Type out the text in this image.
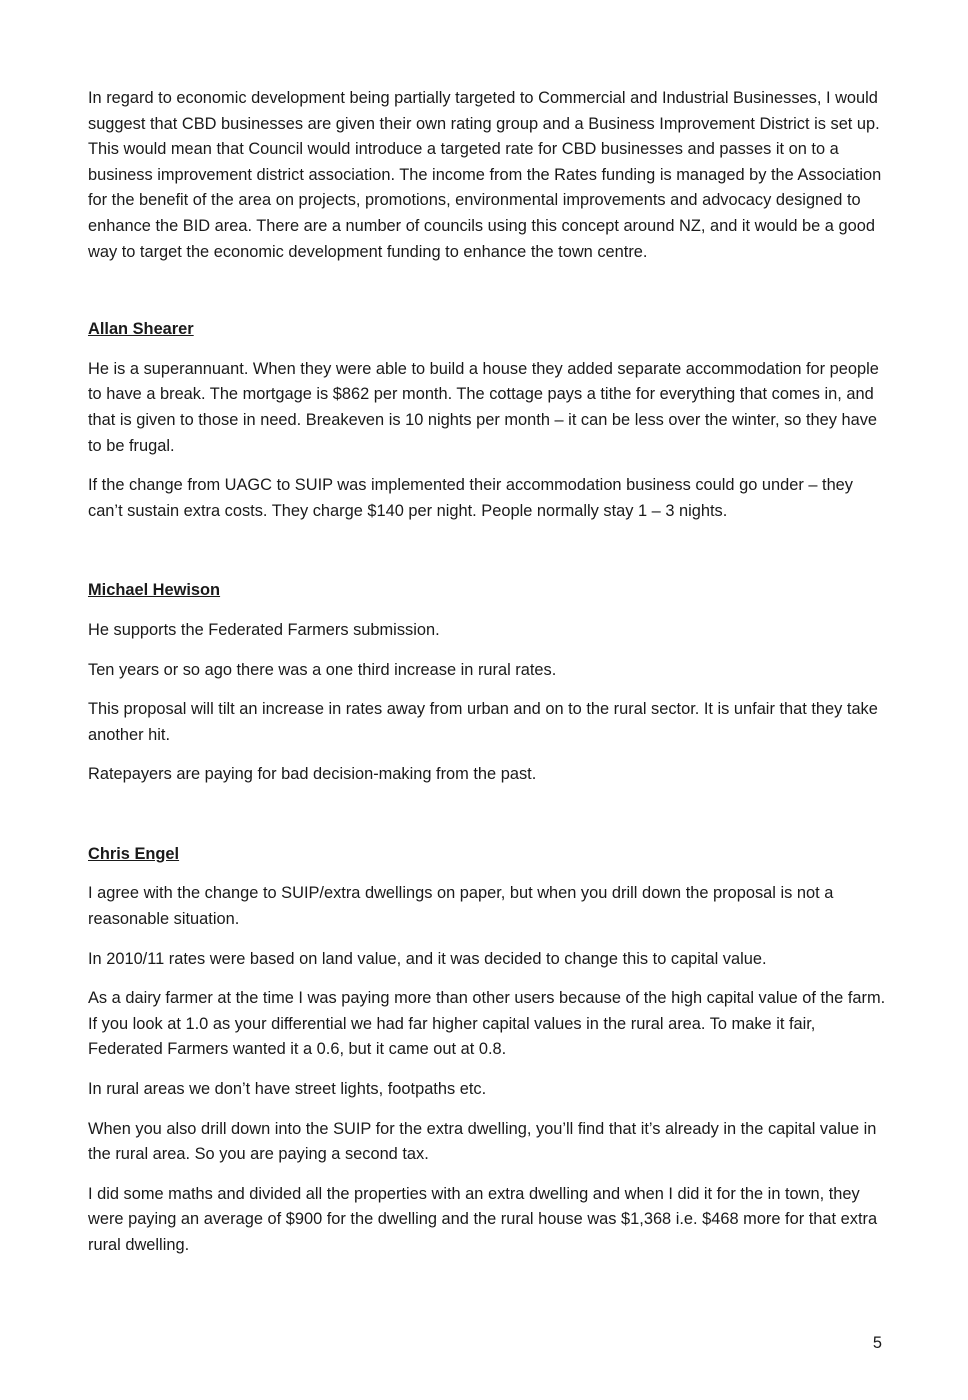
In regard to economic development being partially targeted to Commercial and Industrial Businesses, I would suggest that CBD businesses are given their own rating group and a Business Improvement District is set up. This would mean that Council would introduce a targeted rate for CBD businesses and passes it on to a business improvement district association. The income from the Rates funding is managed by the Association for the benefit of the area on projects, promotions, environmental improvements and advocacy designed to enhance the BID area. There are a number of councils using this concept around NZ, and it would be a good way to target the economic development funding to enhance the town centre.

Allan Shearer

He is a superannuant. When they were able to build a house they added separate accommodation for people to have a break. The mortgage is $862 per month. The cottage pays a tithe for everything that comes in, and that is given to those in need. Breakeven is 10 nights per month – it can be less over the winter, so they have to be frugal.

If the change from UAGC to SUIP was implemented their accommodation business could go under – they can’t sustain extra costs. They charge $140 per night. People normally stay 1 – 3 nights.

Michael Hewison

He supports the Federated Farmers submission.

Ten years or so ago there was a one third increase in rural rates.

This proposal will tilt an increase in rates away from urban and on to the rural sector. It is unfair that they take another hit.

Ratepayers are paying for bad decision-making from the past.

Chris Engel

I agree with the change to SUIP/extra dwellings on paper, but when you drill down the proposal is not a reasonable situation.

In 2010/11 rates were based on land value, and it was decided to change this to capital value.

As a dairy farmer at the time I was paying more than other users because of the high capital value of the farm. If you look at 1.0 as your differential we had far higher capital values in the rural area. To make it fair, Federated Farmers wanted it a 0.6, but it came out at 0.8.

In rural areas we don’t have street lights, footpaths etc.

When you also drill down into the SUIP for the extra dwelling, you’ll find that it’s already in the capital value in the rural area. So you are paying a second tax.

I did some maths and divided all the properties with an extra dwelling and when I did it for the in town, they were paying an average of $900 for the dwelling and the rural house was $1,368 i.e. $468 more for that extra rural dwelling.

5
